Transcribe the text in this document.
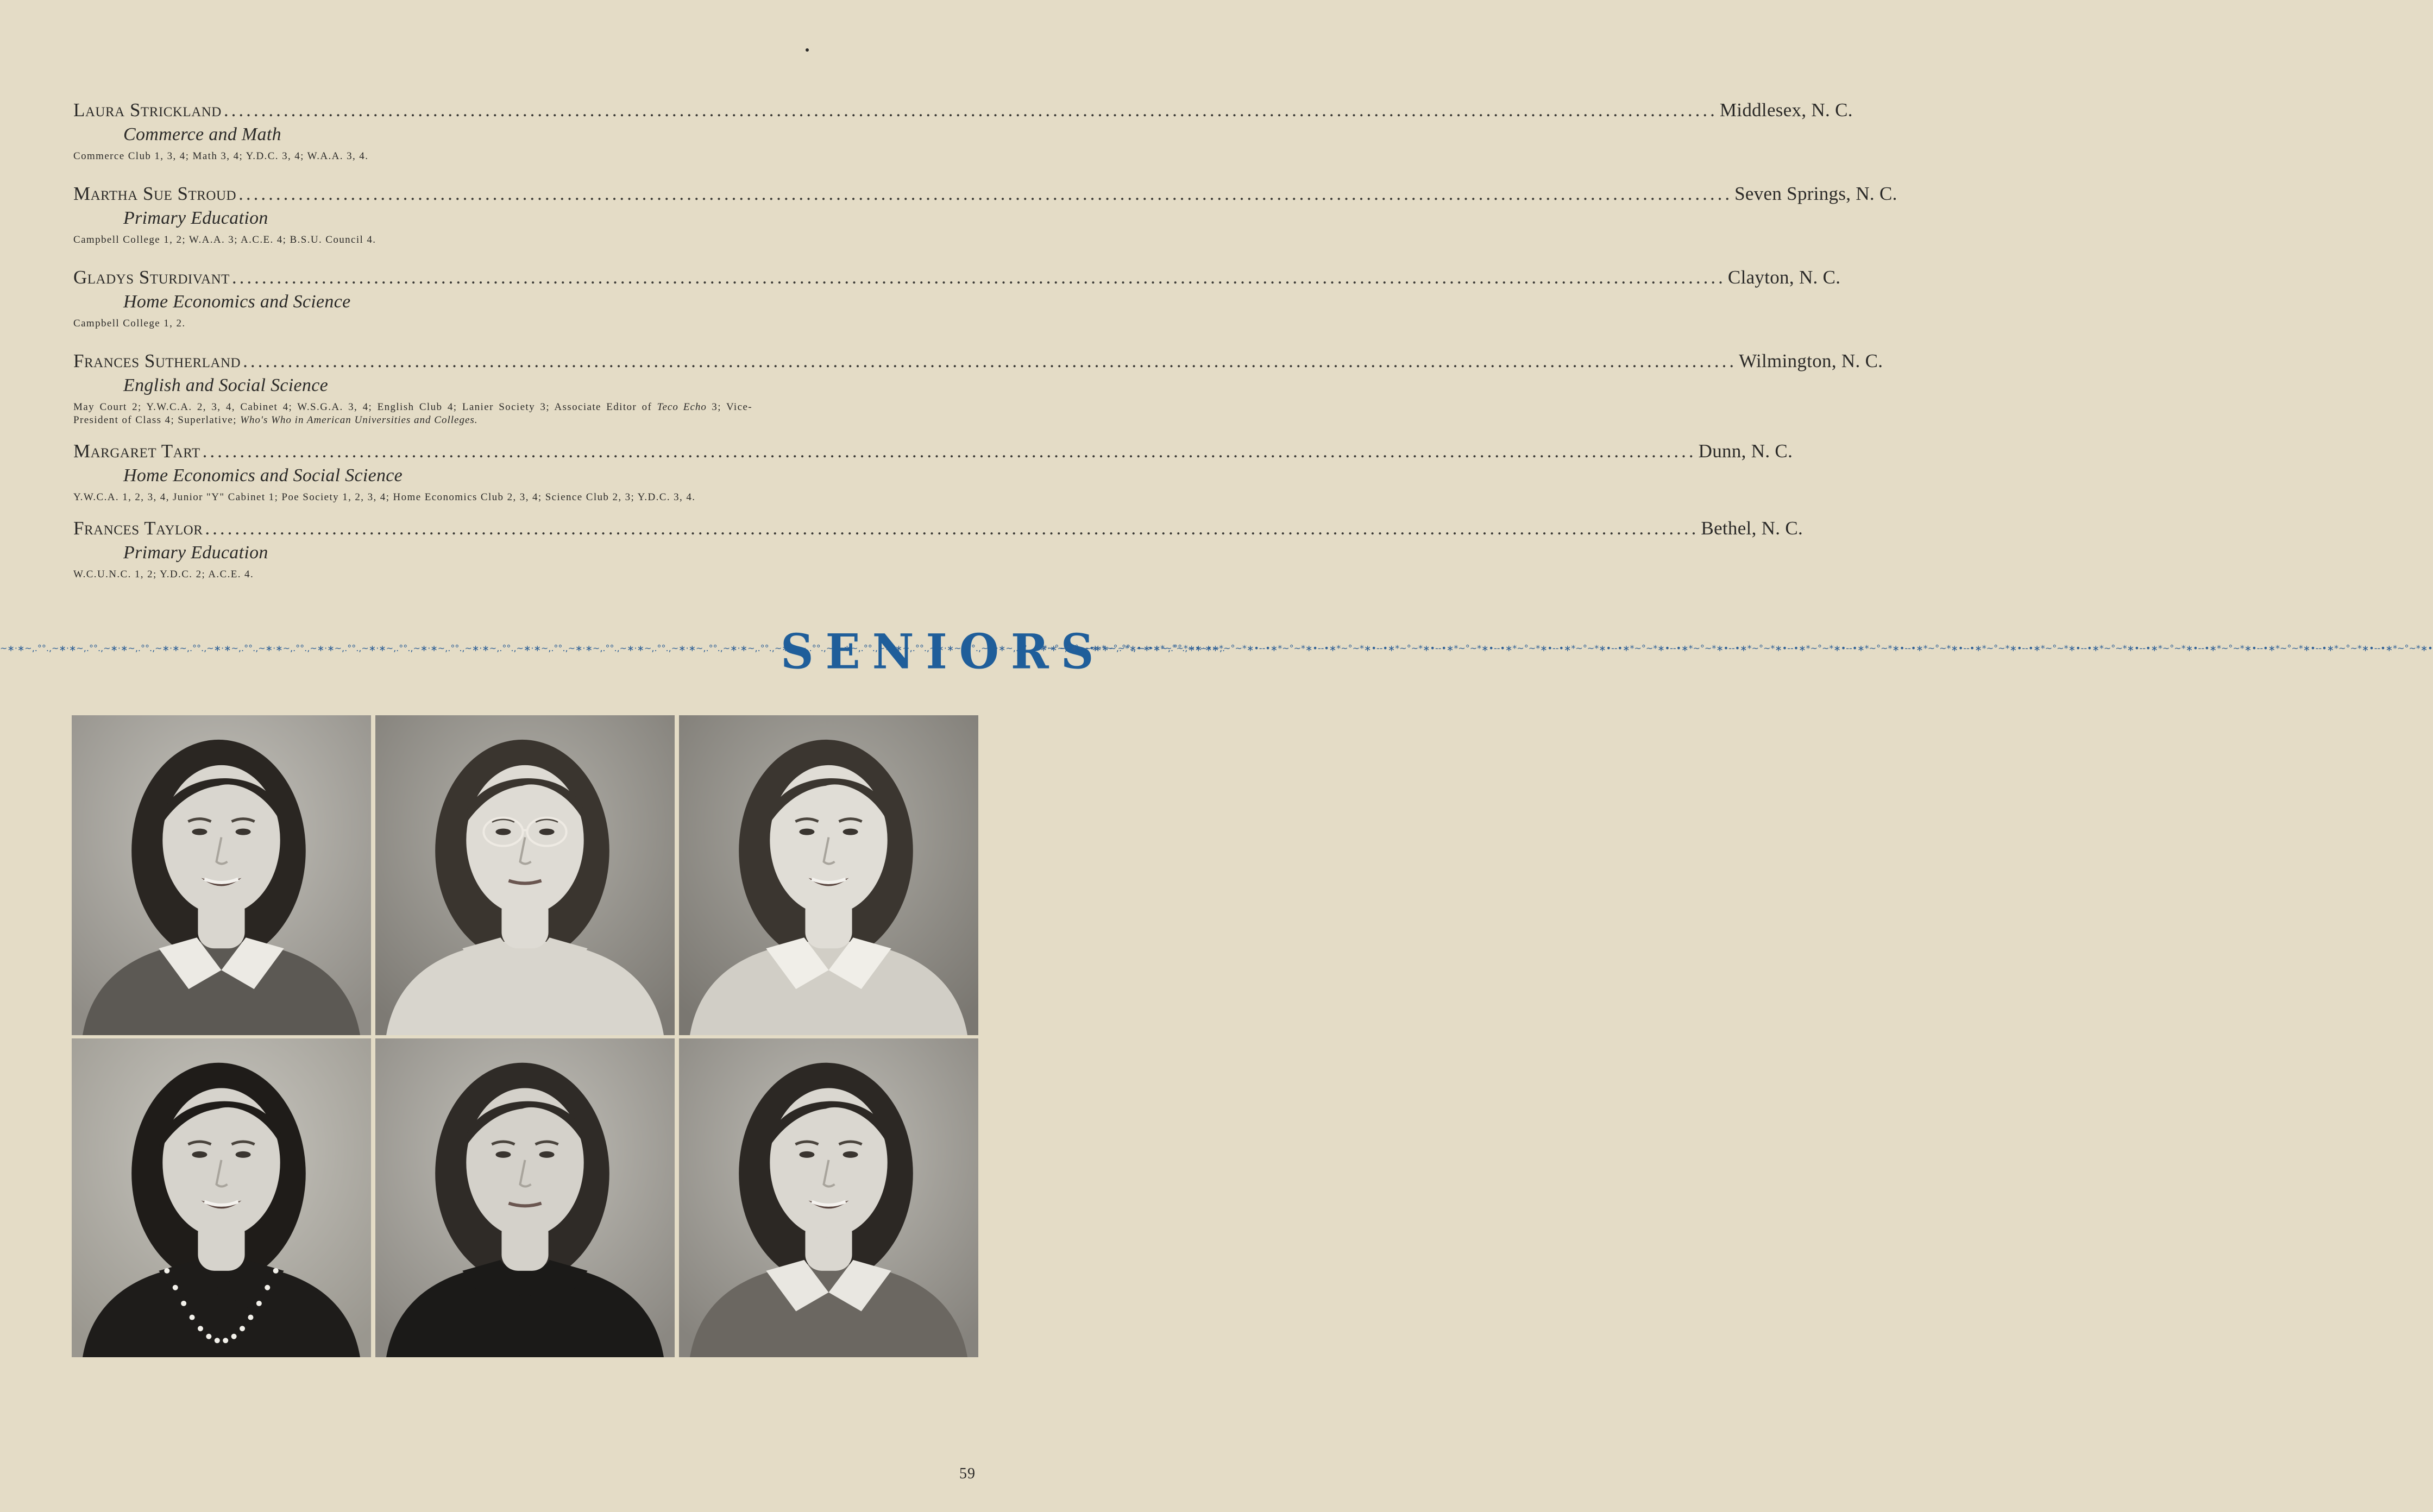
Laura Strickland ........................................................................................................................................................................................................ Middlesex, N. C.
Commerce and Math
Commerce Club 1, 3, 4; Math 3, 4; Y.D.C. 3, 4; W.A.A. 3, 4.
Martha Sue Stroud ........................................................................................................................................................................................................ Seven Springs, N. C.
Primary Education
Campbell College 1, 2; W.A.A. 3; A.C.E. 4; B.S.U. Council 4.
Gladys Sturdivant ........................................................................................................................................................................................................ Clayton, N. C.
Home Economics and Science
Campbell College 1, 2.
Frances Sutherland ........................................................................................................................................................................................................ Wilmington, N. C.
English and Social Science
May Court 2; Y.W.C.A. 2, 3, 4, Cabinet 4; W.S.G.A. 3, 4; English Club 4; Lanier Society 3; Associate Editor of Teco Echo 3; Vice-President of Class 4; Superlative; Who's Who in American Universities and Colleges.
Margaret Tart ........................................................................................................................................................................................................ Dunn, N. C.
Home Economics and Social Science
Y.W.C.A. 1, 2, 3, 4, Junior "Y" Cabinet 1; Poe Society 1, 2, 3, 4; Home Economics Club 2, 3, 4; Science Club 2, 3; Y.D.C. 3, 4.
Frances Taylor ........................................................................................................................................................................................................ Bethel, N. C.
Primary Education
W.C.U.N.C. 1, 2; Y.D.C. 2; A.C.E. 4.
~∗·∗~,.°°.,~∗·∗~,.°°.,~∗·∗~,.°°.,~∗·∗~,.°°.,~∗·∗~,.°°.,~∗·∗~,.°°.,~∗·∗~,.°°.,~∗·∗~,.°°.,~∗·∗~,.°°.,~∗·∗~,.°°.,~∗·∗~,.°°.,~∗·∗~,.°°.,~∗·∗~,.°°.,~∗·∗~,.°°.,~∗·∗~,.°°.,~∗·∗~,.°°.,~∗·∗~,.°°.,~∗·∗~,.°°.,~∗·∗~,.°°.,~∗·∗~,.°°.,~∗·∗~,.°°.,~∗·∗~,.°°.,~∗·∗~,.°°.,~∗·∗~,.
SENIORS
*~°~*∗•--•∗*~°~*∗•--•∗*~°~*∗•--•∗*~°~*∗•--•∗*~°~*∗•--•∗*~°~*∗•--•∗*~°~*∗•--•∗*~°~*∗•--•∗*~°~*∗•--•∗*~°~*∗•--•∗*~°~*∗•--•∗*~°~*∗•--•∗*~°~*∗•--•∗*~°~*∗•--•∗*~°~*∗•--•∗*~°~*∗•--•∗*~°~*∗•--•∗*~°~*∗•--•∗*~°~*∗•--•∗*~°~*∗•--•∗*~°~*∗•--•∗*~°~*∗•--•∗*~°~*∗•--•∗*~°~*∗•
59
